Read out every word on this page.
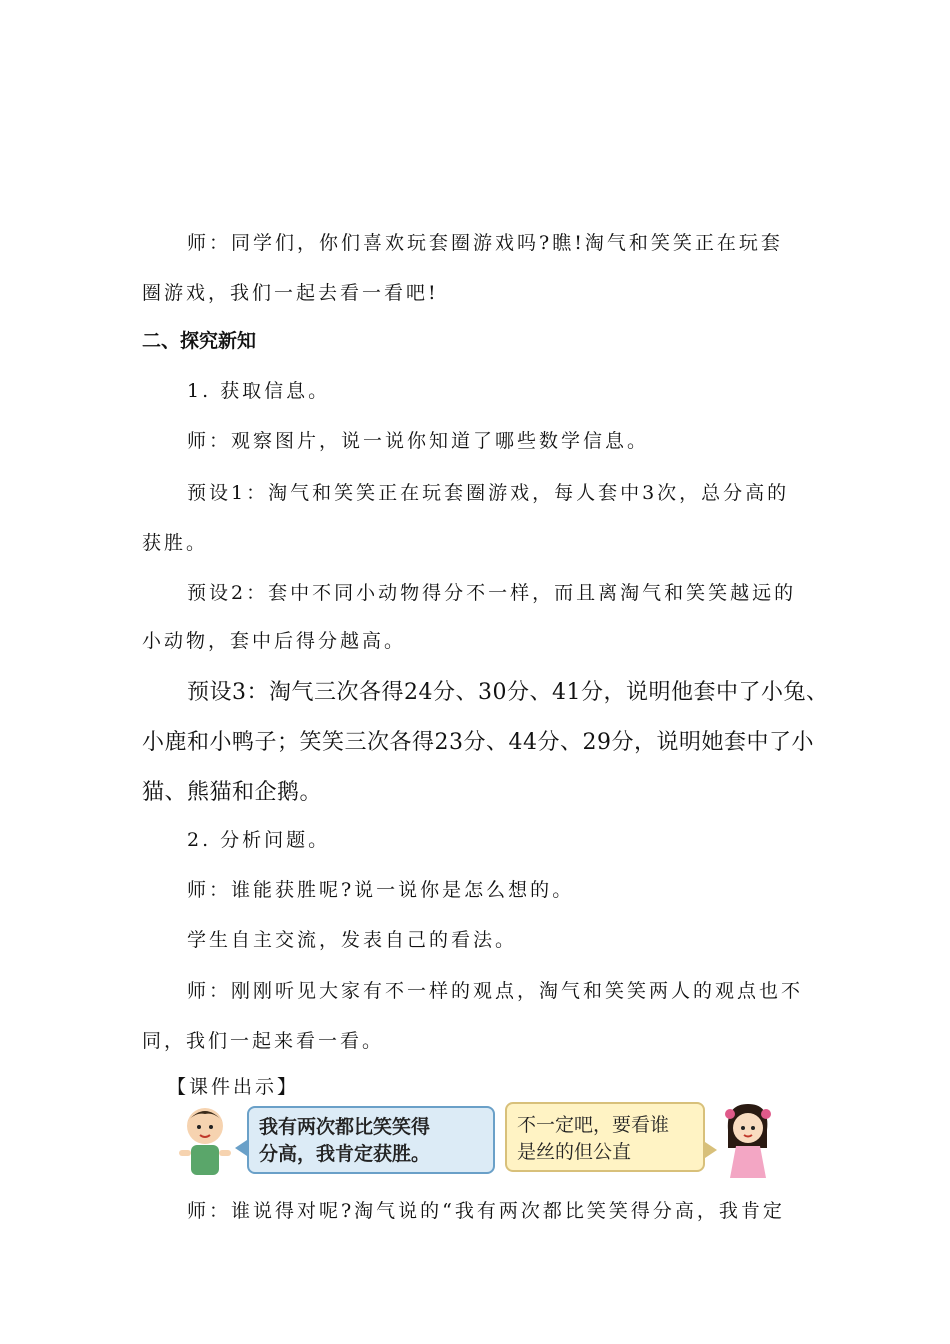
师：同学们，你们喜欢玩套圈游戏吗?瞧!淘气和笑笑正在玩套
圈游戏，我们一起去看一看吧!
二、探究新知
1. 获取信息。
师：观察图片，说一说你知道了哪些数学信息。
预设1：淘气和笑笑正在玩套圈游戏，每人套中3次，总分高的
获胜。
预设2：套中不同小动物得分不一样，而且离淘气和笑笑越远的
小动物，套中后得分越高。
预设3：淘气三次各得24分、30分、41分，说明他套中了小兔、
小鹿和小鸭子；笑笑三次各得23分、44分、29分，说明她套中了小
猫、熊猫和企鹅。
2. 分析问题。
师：谁能获胜呢?说一说你是怎么想的。
学生自主交流，发表自己的看法。
师：刚刚听见大家有不一样的观点，淘气和笑笑两人的观点也不
同，我们一起来看一看。
【课件出示】
师：谁说得对呢?淘气说的“我有两次都比笑笑得分高，我肯定
我有两次都比笑笑得
分高，我肯定获胜。
不一定吧，要看谁
是丝的但公直
